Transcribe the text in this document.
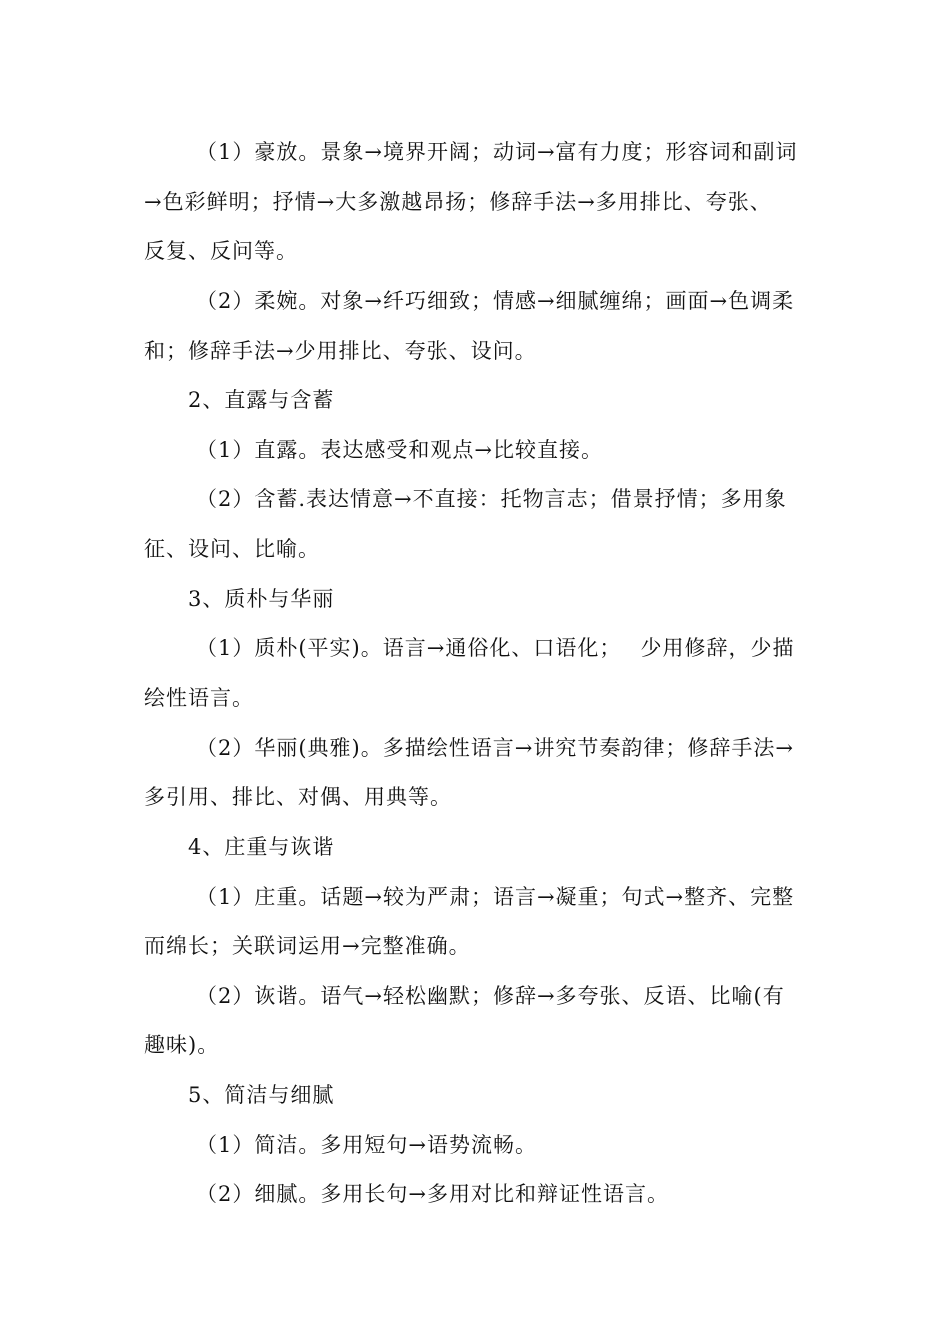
（1）豪放。景象→境界开阔；动词→富有力度；形容词和副词
→色彩鲜明；抒情→大多激越昂扬；修辞手法→多用排比、夸张、
反复、反问等。
（2）柔婉。对象→纤巧细致；情感→细腻缠绵；画面→色调柔
和；修辞手法→少用排比、夸张、设问。
2、直露与含蓄
（1）直露。表达感受和观点→比较直接。
（2）含蓄.表达情意→不直接：托物言志；借景抒情；多用象
征、设问、比喻。
3、质朴与华丽
（1）质朴(平实)。语言→通俗化、口语化；　 少用修辞，少描
绘性语言。
（2）华丽(典雅)。多描绘性语言→讲究节奏韵律；修辞手法→
多引用、排比、对偶、用典等。
4、庄重与诙谐
（1）庄重。话题→较为严肃；语言→凝重；句式→整齐、完整
而绵长；关联词运用→完整准确。
（2）诙谐。语气→轻松幽默；修辞→多夸张、反语、比喻(有
趣味)。
5、简洁与细腻
（1）简洁。多用短句→语势流畅。
（2）细腻。多用长句→多用对比和辩证性语言。
